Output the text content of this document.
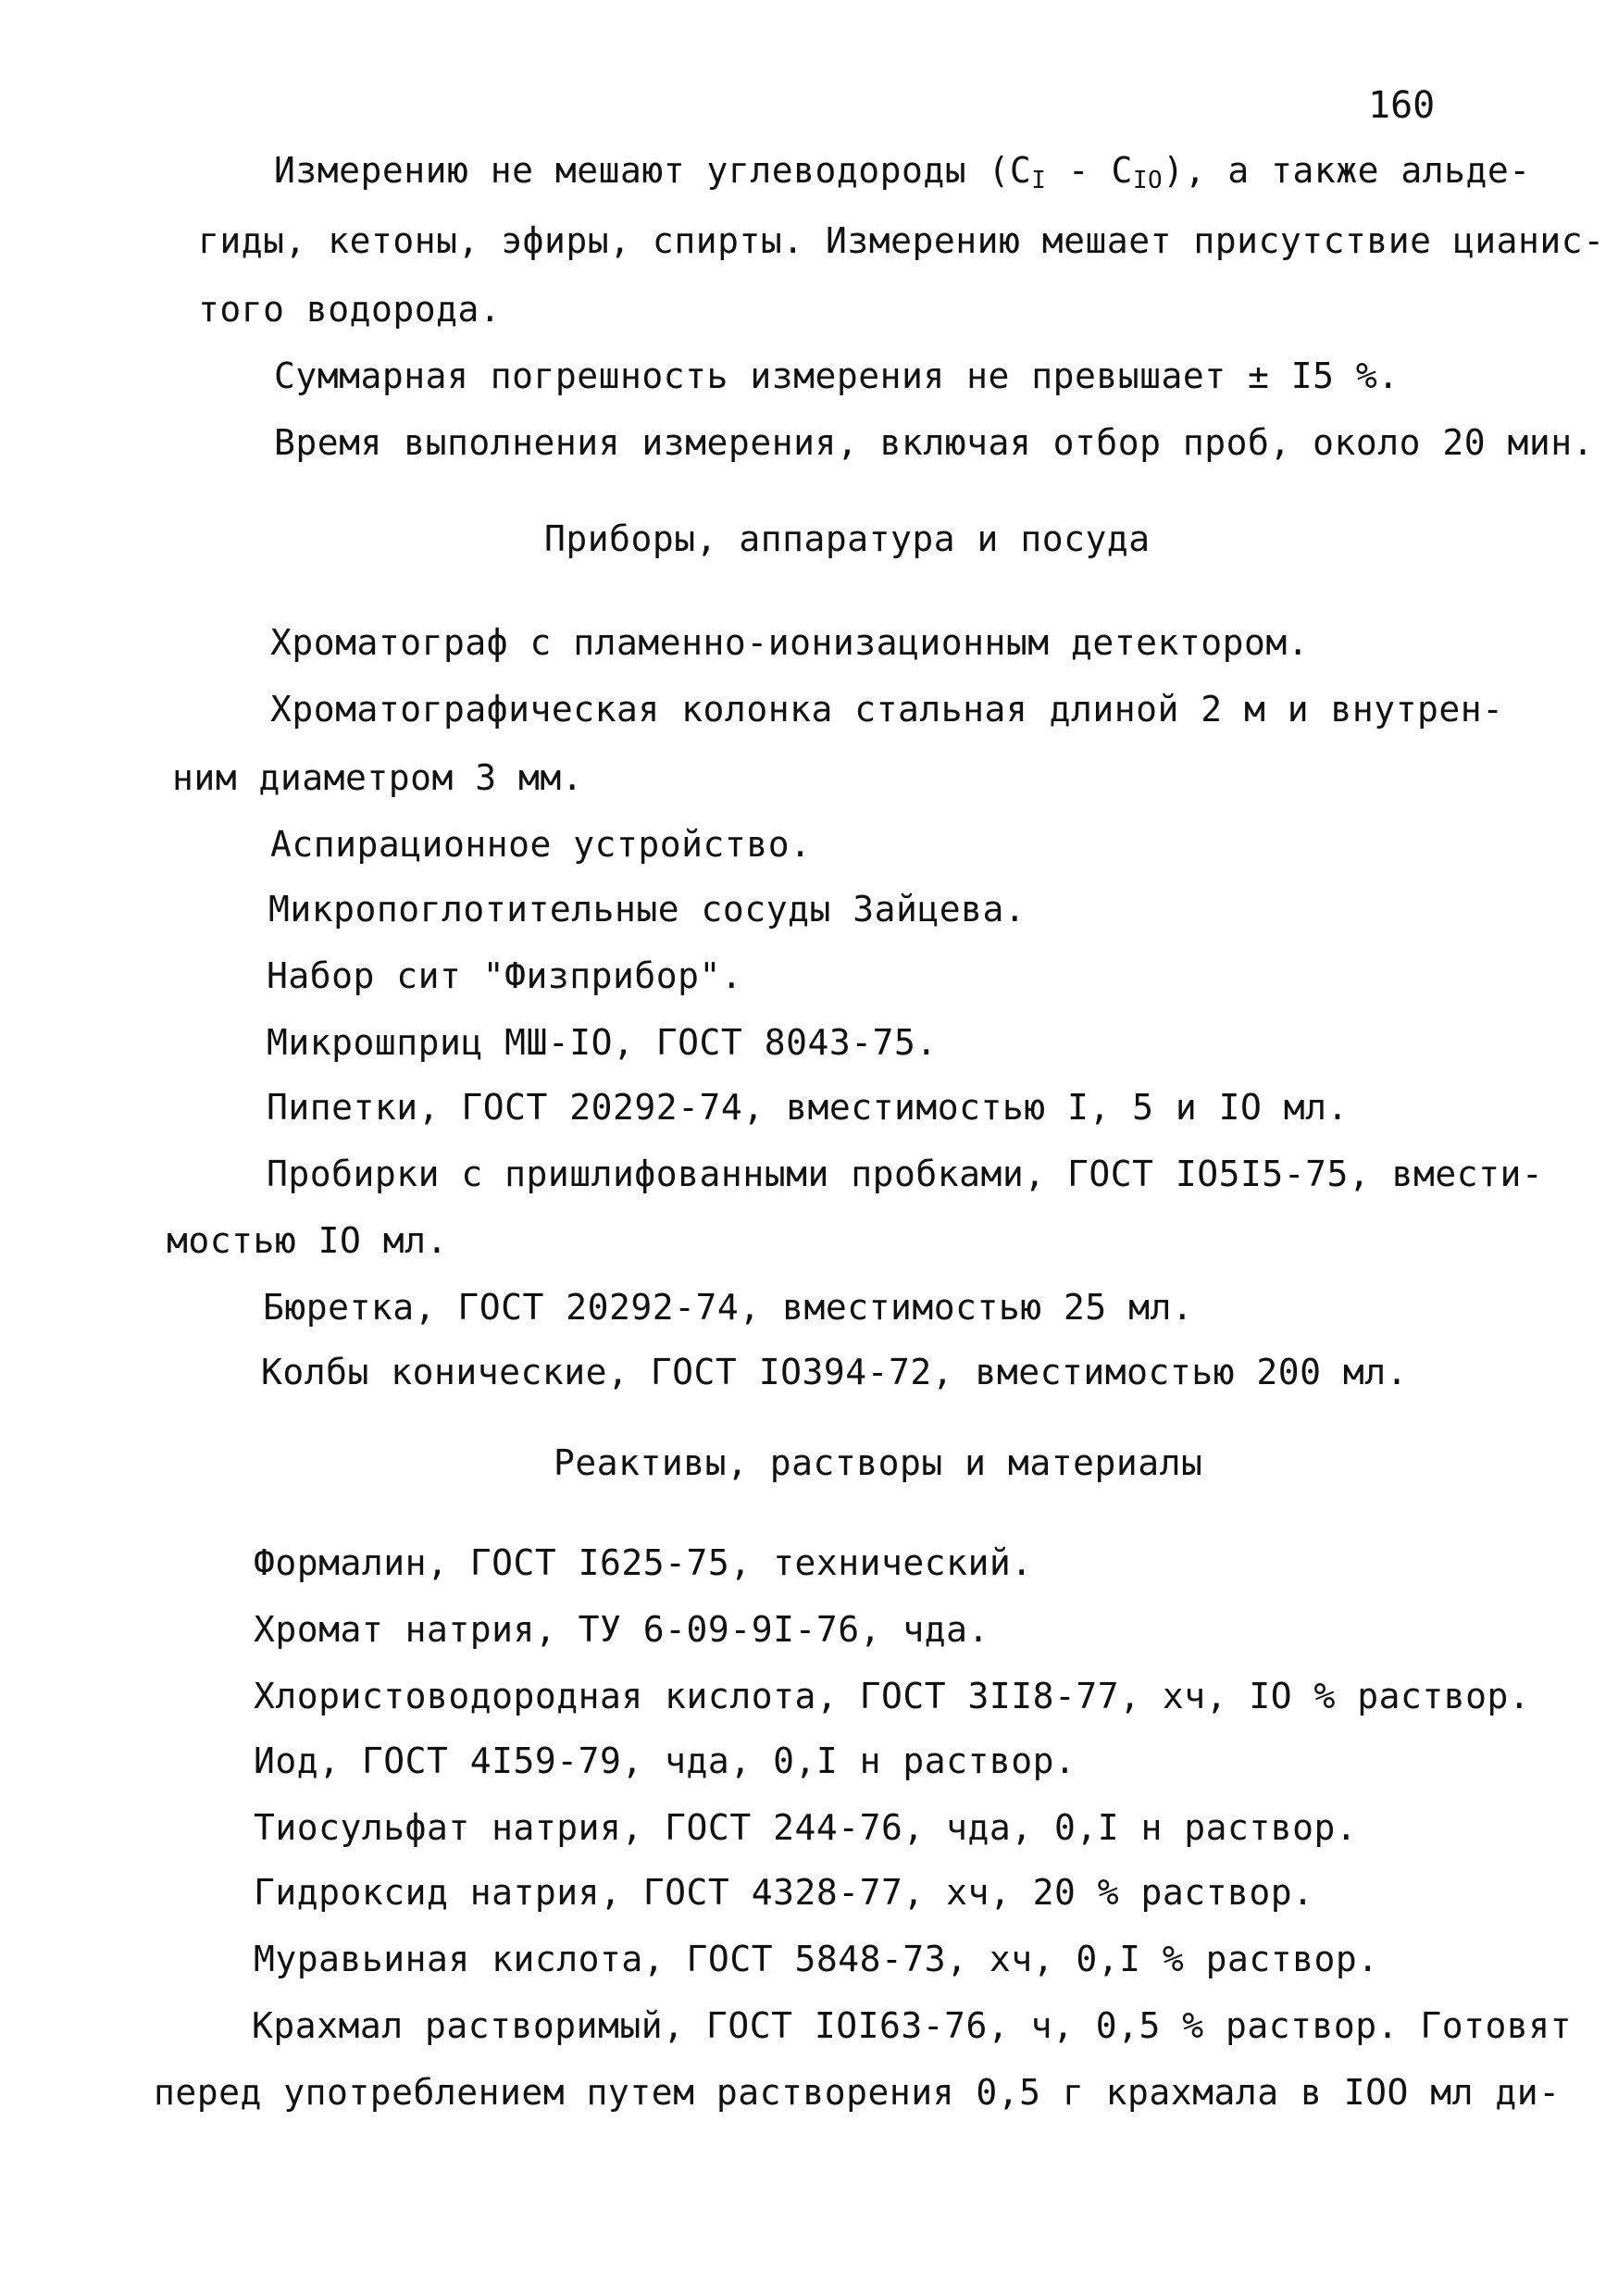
160
Измерению не мешают углеводороды $(C_I - C_{IO})$, а также альде-
гиды, кетоны, эфиры, спирты. Измерению мешает присутствие цианис-
того водорода.
Суммарная погрешность измерения не превышает ± I5 %.
Время выполнения измерения, включая отбор проб, около 20 мин.
Приборы, аппаратура и посуда
Хроматограф с пламенно-ионизационным детектором.
Хроматографическая колонка стальная длиной 2 м и внутрен-
ним диаметром 3 мм.
Аспирационное устройство.
Микропоглотительные сосуды Зайцева.
Набор сит "Физприбор".
Микрошприц МШ-IO, ГОСТ 8043-75.
Пипетки, ГОСТ 20292-74, вместимостью I, 5 и IO мл.
Пробирки с пришлифованными пробками, ГОСТ IO5I5-75, вмести-
мостью IO мл.
Бюретка, ГОСТ 20292-74, вместимостью 25 мл.
Колбы конические, ГОСТ IO394-72, вместимостью 200 мл.
Реактивы, растворы и материалы
Формалин, ГОСТ I625-75, технический.
Хромат натрия, ТУ 6-09-9I-76, чда.
Хлористоводородная кислота, ГОСТ 3II8-77, хч, IO % раствор.
Иод, ГОСТ 4I59-79, чда, 0,I н раствор.
Тиосульфат натрия, ГОСТ 244-76, чда, 0,I н раствор.
Гидроксид натрия, ГОСТ 4328-77, хч, 20 % раствор.
Муравьиная кислота, ГОСТ 5848-73, хч, 0,I % раствор.
Крахмал растворимый, ГОСТ IOI63-76, ч, 0,5 % раствор. Готовят
перед употреблением путем растворения 0,5 г крахмала в IOO мл ди-
